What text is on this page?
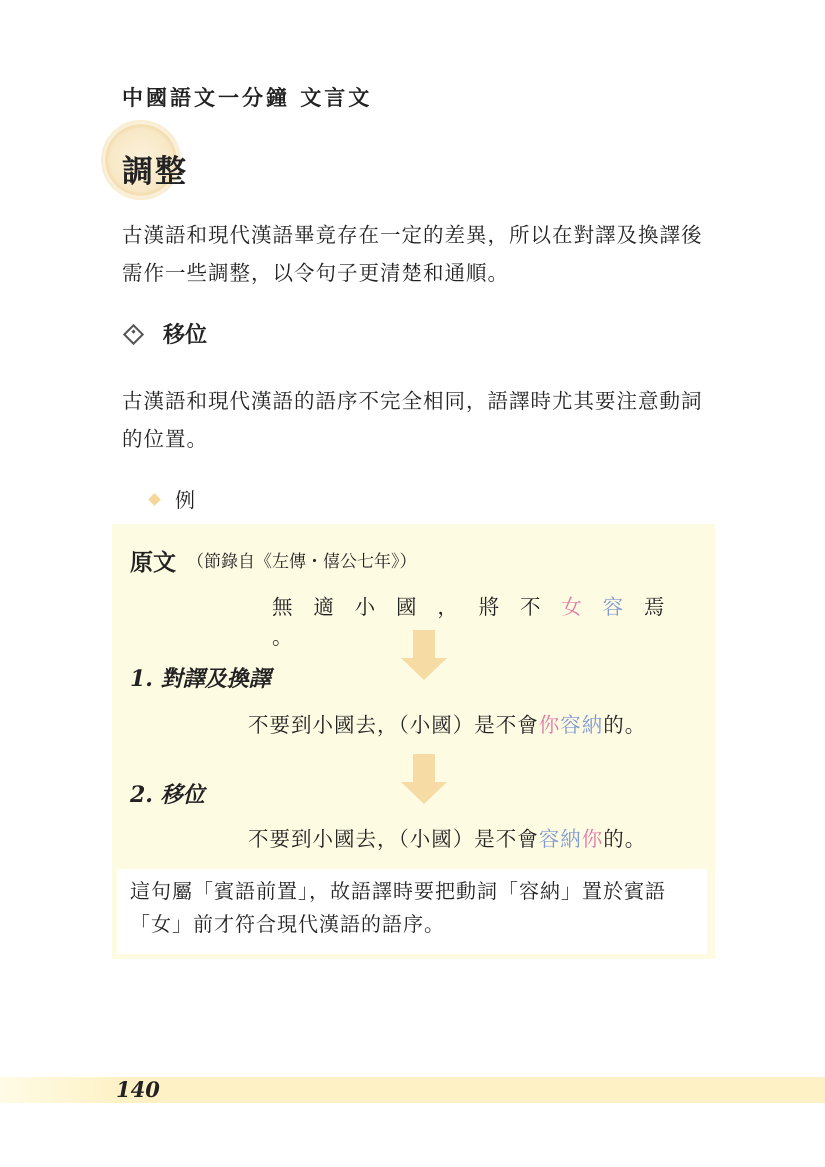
中國語文一分鐘 文言文
調整

古漢語和現代漢語畢竟存在一定的差異，所以在對譯及換譯後需作一些調整，以令句子更清楚和通順。

移位

古漢語和現代漢語的語序不完全相同，語譯時尤其要注意動詞的位置。

例
原文 （節錄自《左傳・僖公七年》）
無 適 小 國 ， 將 不 女 容 焉 。
1. 對譯及換譯
不要到小國去，（小國）是不會你容納的。
2. 移位
不要到小國去，（小國）是不會容納你的。

這句屬「賓語前置」，故語譯時要把動詞「容納」置於賓語「女」前才符合現代漢語的語序。

140
